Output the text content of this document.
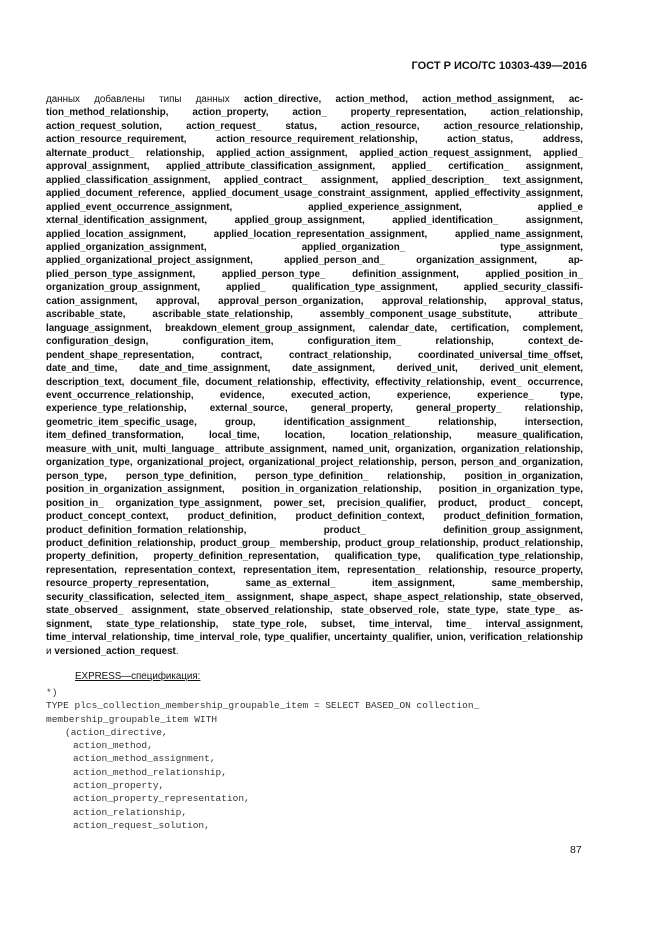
ГОСТ Р ИСО/ТС 10303-439—2016
данных добавлены типы данных action_directive, action_method, action_method_assignment, action_method_relationship, action_property, action_ property_representation, action_relationship, action_request_solution, action_request_ status, action_resource, action_resource_relationship, action_resource_requirement, action_resource_requirement_relationship, action_status, address, alternate_product_ relationship, applied_action_assignment, applied_action_request_assignment, applied_ approval_assignment, applied_attribute_classification_assignment, applied_ certification_ assignment, applied_classification_assignment, applied_contract_ assignment, applied_description_ text_assignment, applied_document_reference, applied_document_usage_constraint_assignment, applied_effectivity_assignment, applied_event_occurrence_assignment, applied_experience_assignment, applied_e xternal_identification_assignment, applied_group_assignment, applied_identification_ assignment, applied_location_assignment, applied_location_representation_assignment, applied_name_assignment, applied_organization_assignment, applied_organization_ type_assignment, applied_organizational_project_assignment, applied_person_and_ organization_assignment, applied_person_type_assignment, applied_person_type_ definition_assignment, applied_position_in_ organization_group_assignment, applied_ qualification_type_assignment, applied_security_classification_assignment, approval, approval_person_organization, approval_relationship, approval_status, ascribable_state, ascribable_state_relationship, assembly_component_usage_substitute, attribute_ language_assignment, breakdown_element_group_assignment, calendar_date, certification, complement, configuration_design, configuration_item, configuration_item_ relationship, context_dependent_shape_representation, contract, contract_relationship, coordinated_universal_time_offset, date_and_time, date_and_time_assignment, date_assignment, derived_unit, derived_unit_element, description_text, document_file, document_relationship, effectivity, effectivity_relationship, event_ occurrence, event_occurrence_relationship, evidence, executed_action, experience, experience_ type, experience_type_relationship, external_source, general_property, general_property_ relationship, geometric_item_specific_usage, group, identification_assignment_ relationship, intersection, item_defined_transformation, local_time, location, location_relationship, measure_qualification, measure_with_unit, multi_language_ attribute_assignment, named_unit, organization, organization_relationship, organization_type, organizational_project, organizational_project_relationship, person, person_and_organization, person_type, person_type_definition, person_type_definition_ relationship, position_in_organization, position_in_organization_assignment, position_in_organization_relationship, position_in_organization_type, position_in_ organization_type_assignment, power_set, precision_qualifier, product, product_ concept, product_concept_context, product_definition, product_definition_context, product_definition_formation, product_definition_formation_relationship, product_ definition_group_assignment, product_definition_relationship, product_group_ membership, product_group_relationship, product_relationship, property_definition, property_definition_representation, qualification_type, qualification_type_relationship, representation, representation_context, representation_item, representation_ relationship, resource_property, resource_property_representation, same_as_external_ item_assignment, same_membership, security_classification, selected_item_ assignment, shape_aspect, shape_aspect_relationship, state_observed, state_observed_ assignment, state_observed_relationship, state_observed_role, state_type, state_type_ assignment, state_type_relationship, state_type_role, subset, time_interval, time_ interval_assignment, time_interval_relationship, time_interval_role, type_qualifier, uncertainty_qualifier, union, verification_relationship и versioned_action_request.
EXPRESS—спецификация:
*)
TYPE plcs_collection_membership_groupable_item = SELECT BASED_ON collection_
membership_groupable_item WITH
(action_directive,
action_method,
action_method_assignment,
action_method_relationship,
action_property,
action_property_representation,
action_relationship,
action_request_solution,
87
